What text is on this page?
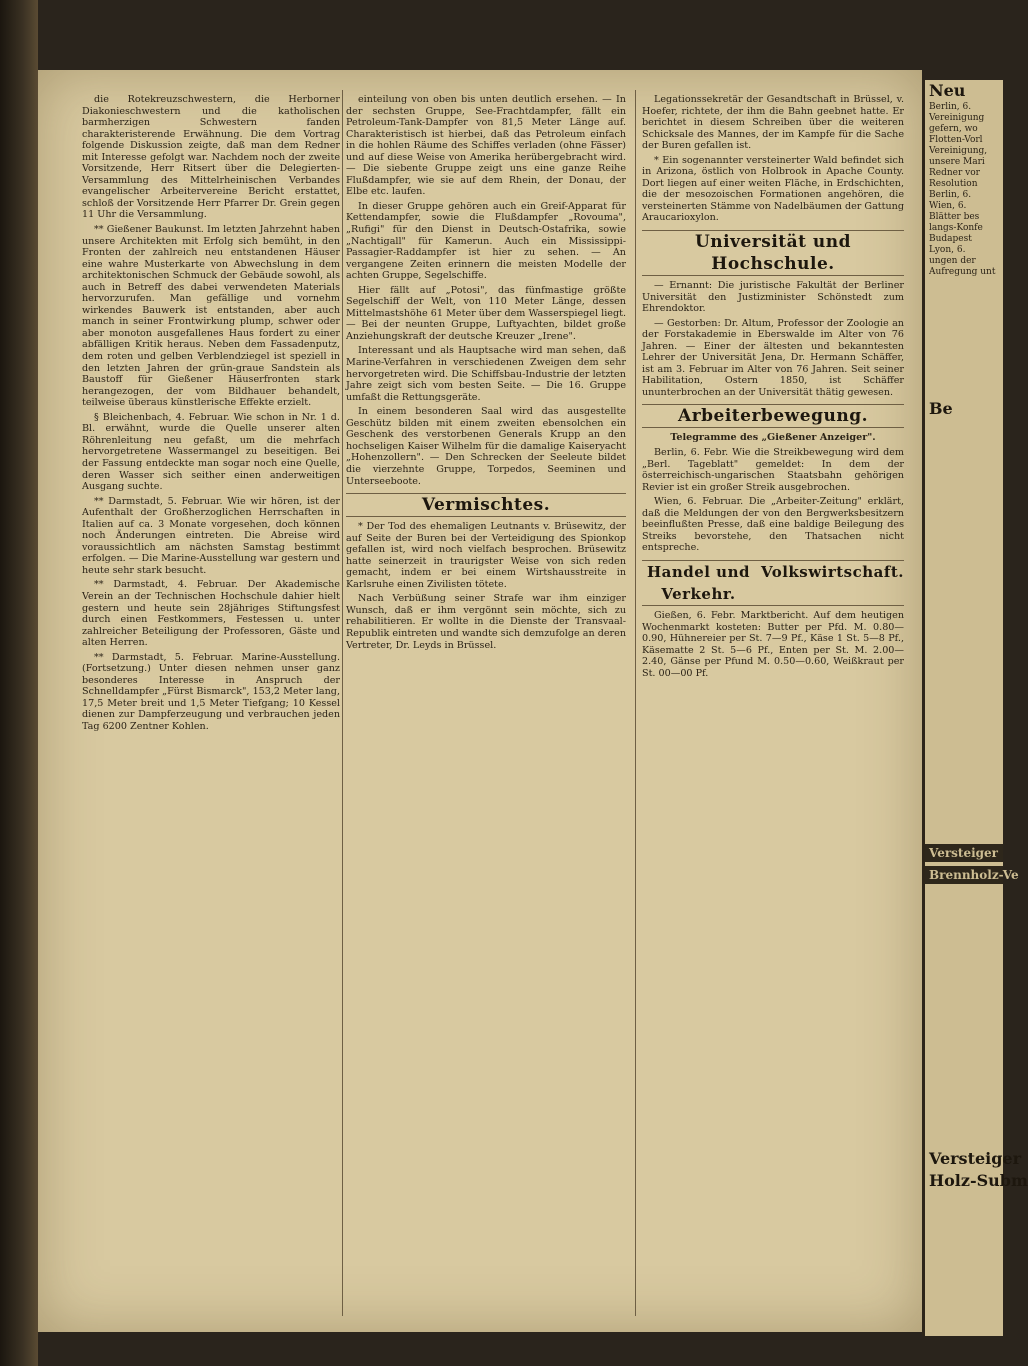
die Rotekreuzschwestern, die Herborner Diakonieschwestern und die katholischen barmherzigen Schwestern fanden charakteristerende Erwähnung. Die dem Vortrag folgende Diskussion zeigte, daß man dem Redner mit Interesse gefolgt war. Nachdem noch der zweite Vorsitzende, Herr Ritsert über die Delegierten-Versammlung des Mittelrheinischen Verbandes evangelischer Arbeitervereine Bericht erstattet, schloß der Vorsitzende Herr Pfarrer Dr. Grein gegen 11 Uhr die Versammlung.

** Gießener Baukunst. Im letzten Jahrzehnt haben unsere Architekten mit Erfolg sich bemüht, in den Fronten der zahlreich neu entstandenen Häuser eine wahre Musterkarte von Abwechslung in dem architektonischen Schmuck der Gebäude sowohl, als auch in Betreff des dabei verwendeten Materials hervorzurufen. Man gefällige und vornehm wirkendes Bauwerk ist entstanden, aber auch manch in seiner Frontwirkung plump, schwer oder aber monoton ausgefallenes Haus fordert zu einer abfälligen Kritik heraus. Neben dem Fassadenputz, dem roten und gelben Verblendziegel ist speziell in den letzten Jahren der grün-graue Sandstein als Baustoff für Gießener Häuserfronten stark herangezogen, der vom Bildhauer behandelt, teilweise überaus künstlerische Effekte erzielt.

§ Bleichenbach, 4. Februar. Wie schon in Nr. 1 d. Bl. erwähnt, wurde die Quelle unserer alten Röhrenleitung neu gefaßt, um die mehrfach hervorgetretene Wassermangel zu beseitigen. Bei der Fassung entdeckte man sogar noch eine Quelle, deren Wasser sich seither einen anderweitigen Ausgang suchte.

** Darmstadt, 5. Februar. Wie wir hören, ist der Aufenthalt der Großherzoglichen Herrschaften in Italien auf ca. 3 Monate vorgesehen, doch können noch Änderungen eintreten. Die Abreise wird voraussichtlich am nächsten Samstag bestimmt erfolgen. — Die Marine-Ausstellung war gestern und heute sehr stark besucht.

** Darmstadt, 4. Februar. Der Akademische Verein an der Technischen Hochschule dahier hielt gestern und heute sein 28jähriges Stiftungsfest durch einen Festkommers, Festessen u. unter zahlreicher Beteiligung der Professoren, Gäste und alten Herren.

** Darmstadt, 5. Februar. Marine-Ausstellung. (Fortsetzung.) Unter diesen nehmen unser ganz besonderes Interesse in Anspruch der Schnelldampfer „Fürst Bismarck", 153,2 Meter lang, 17,5 Meter breit und 1,5 Meter Tiefgang; 10 Kessel dienen zur Dampferzeugung und verbrauchen jeden Tag 6200 Zentner Kohlen.

einteilung von oben bis unten deutlich ersehen. — In der sechsten Gruppe, See-Frachtdampfer, fällt ein Petroleum-Tank-Dampfer von 81,5 Meter Länge auf. Charakteristisch ist hierbei, daß das Petroleum einfach in die hohlen Räume des Schiffes verladen (ohne Fässer) und auf diese Weise von Amerika herübergebracht wird. — Die siebente Gruppe zeigt uns eine ganze Reihe Flußdampfer, wie sie auf dem Rhein, der Donau, der Elbe etc. laufen.

In dieser Gruppe gehören auch ein Greif-Apparat für Kettendampfer, sowie die Flußdampfer „Rovouma", „Rufigi" für den Dienst in Deutsch-Ostafrika, sowie „Nachtigall" für Kamerun. Auch ein Mississippi-Passagier-Raddampfer ist hier zu sehen. — An vergangene Zeiten erinnern die meisten Modelle der achten Gruppe, Segelschiffe.

Hier fällt auf „Potosi", das fünfmastige größte Segelschiff der Welt, von 110 Meter Länge, dessen Mittelmastshöhe 61 Meter über dem Wasserspiegel liegt. — Bei der neunten Gruppe, Luftyachten, bildet große Anziehungskraft der deutsche Kreuzer „Irene".

Interessant und als Hauptsache wird man sehen, daß Marine-Verfahren in verschiedenen Zweigen dem sehr hervorgetreten wird. Die Schiffsbau-Industrie der letzten Jahre zeigt sich vom besten Seite. — Die 16. Gruppe umfaßt die Rettungsgeräte.

In einem besonderen Saal wird das ausgestellte Geschütz bilden mit einem zweiten ebensolchen ein Geschenk des verstorbenen Generals Krupp an den hochseligen Kaiser Wilhelm für die damalige Kaiseryacht „Hohenzollern". — Den Schrecken der Seeleute bildet die vierzehnte Gruppe, Torpedos, Seeminen und Unterseeboote.

Vermischtes.

* Der Tod des ehemaligen Leutnants v. Brüsewitz, der auf Seite der Buren bei der Verteidigung des Spionkop gefallen ist, wird noch vielfach besprochen. Brüsewitz hatte seinerzeit in traurigster Weise von sich reden gemacht, indem er bei einem Wirtshausstreite in Karlsruhe einen Zivilisten tötete.

Nach Verbüßung seiner Strafe war ihm einziger Wunsch, daß er ihm vergönnt sein möchte, sich zu rehabilitieren. Er wollte in die Dienste der Transvaal-Republik eintreten und wandte sich demzufolge an deren Vertreter, Dr. Leyds in Brüssel.

Legationssekretär der Gesandtschaft in Brüssel, v. Hoefer, richtete, der ihm die Bahn geebnet hatte. Er berichtet in diesem Schreiben über die weiteren Schicksale des Mannes, der im Kampfe für die Sache der Buren gefallen ist.

* Ein sogenannter versteinerter Wald befindet sich in Arizona, östlich von Holbrook in Apache County. Dort liegen auf einer weiten Fläche, in Erdschichten, die der mesozoischen Formationen angehören, die versteinerten Stämme von Nadelbäumen der Gattung Araucarioxylon.

Universität und Hochschule.

— Ernannt: Die juristische Fakultät der Berliner Universität den Justizminister Schönstedt zum Ehrendoktor.

— Gestorben: Dr. Altum, Professor der Zoologie an der Forstakademie in Eberswalde im Alter von 76 Jahren. — Einer der ältesten und bekanntesten Lehrer der Universität Jena, Dr. Hermann Schäffer, ist am 3. Februar im Alter von 76 Jahren. Seit seiner Habilitation, Ostern 1850, ist Schäffer ununterbrochen an der Universität thätig gewesen.

Arbeiterbewegung.

Telegramme des „Gießener Anzeiger".

Berlin, 6. Febr. Wie die Streikbewegung wird dem „Berl. Tageblatt" gemeldet: In dem der österreichisch-ungarischen Staatsbahn gehörigen Revier ist ein großer Streik ausgebrochen.

Wien, 6. Februar. Die „Arbeiter-Zeitung" erklärt, daß die Meldungen der von den Bergwerksbesitzern beeinflußten Presse, daß eine baldige Beilegung des Streiks bevorstehe, den Thatsachen nicht entspreche.

Handel und Verkehr.
Volkswirtschaft.

Gießen, 6. Febr. Marktbericht. Auf dem heutigen Wochenmarkt kosteten: Butter per Pfd. M. 0.80—0.90, Hühnereier per St. 7—9 Pf., Käse 1 St. 5—8 Pf., Käsematte 2 St. 5—6 Pf., Enten per St. M. 2.00—2.40, Gänse per Pfund M. 0.50—0.60, Weißkraut per St. 00—00 Pf.

Neu
Berlin, 6.
Vereinigung
gefern, wo
Flotten-Vorl
Vereinigung,
unsere Mari
Redner vor
Resolution
Berlin, 6.
Wien, 6.
Blätter bes
langs-Konfe
Budapest
Lyon, 6.
ungen der
Aufregung unt
Be
Versteiger
Brennholz-Ve
Versteiger
Holz-Subm
